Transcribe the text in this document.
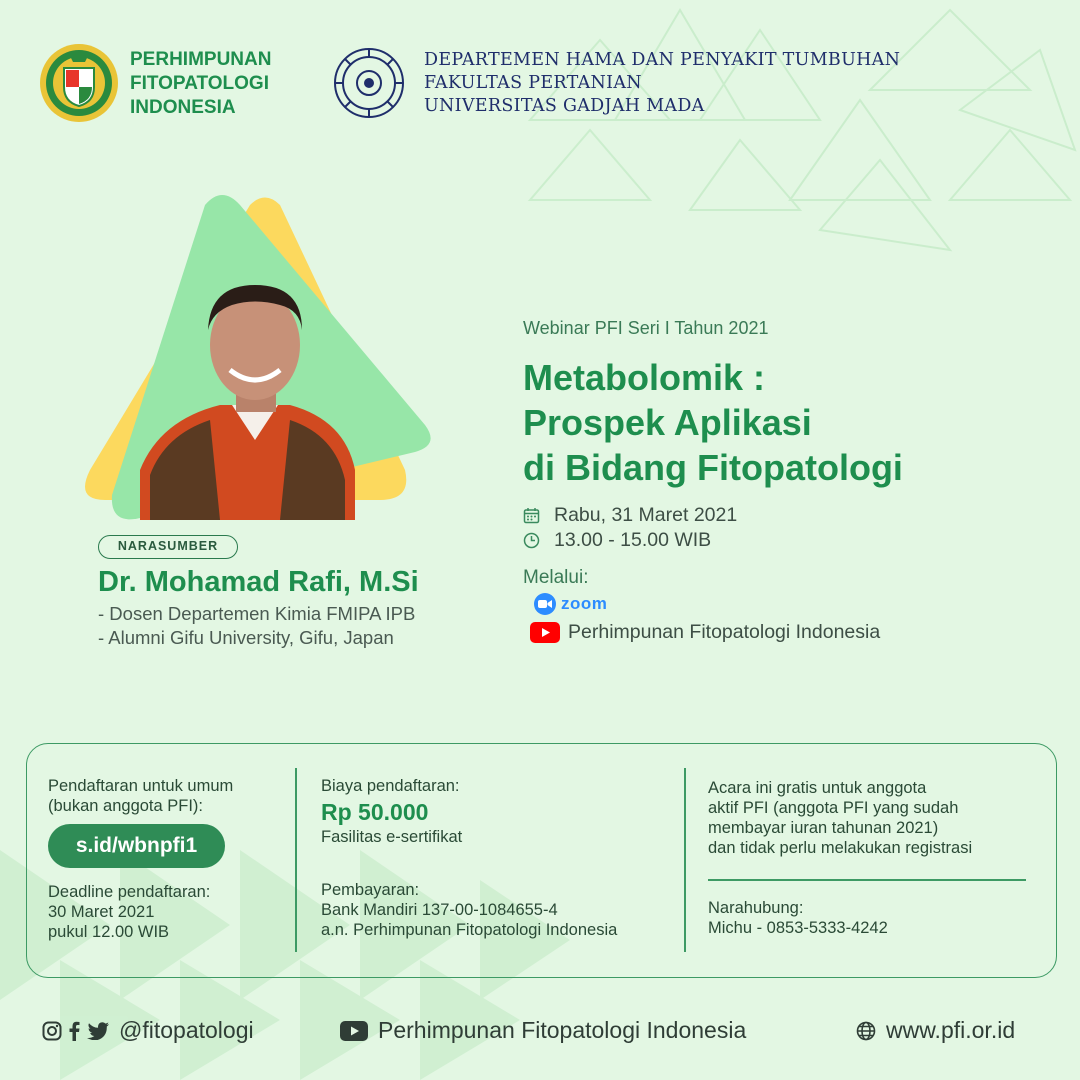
PERHIMPUNAN
FITOPATOLOGI
INDONESIA
DEPARTEMEN HAMA DAN PENYAKIT TUMBUHAN
FAKULTAS PERTANIAN
UNIVERSITAS GADJAH MADA
NARASUMBER
Dr. Mohamad Rafi, M.Si
- Dosen Departemen Kimia FMIPA IPB
- Alumni Gifu University, Gifu, Japan
Webinar PFI Seri I Tahun 2021
Metabolomik :
Prospek Aplikasi
di Bidang Fitopatologi
Rabu, 31 Maret 2021
13.00 - 15.00 WIB
Melalui:
zoom
Perhimpunan Fitopatologi Indonesia
Pendaftaran untuk umum
(bukan anggota PFI):
s.id/wbnpfi1
Deadline pendaftaran:
30 Maret 2021
pukul 12.00 WIB
Biaya pendaftaran:
Rp 50.000
Fasilitas e-sertifikat
Pembayaran:
Bank Mandiri 137-00-1084655-4
a.n. Perhimpunan Fitopatologi Indonesia
Acara ini gratis untuk anggota
aktif PFI (anggota PFI yang sudah
membayar iuran tahunan 2021)
dan tidak perlu melakukan registrasi
Narahubung:
Michu - 0853-5333-4242
@fitopatologi	Perhimpunan Fitopatologi Indonesia	www.pfi.or.id
